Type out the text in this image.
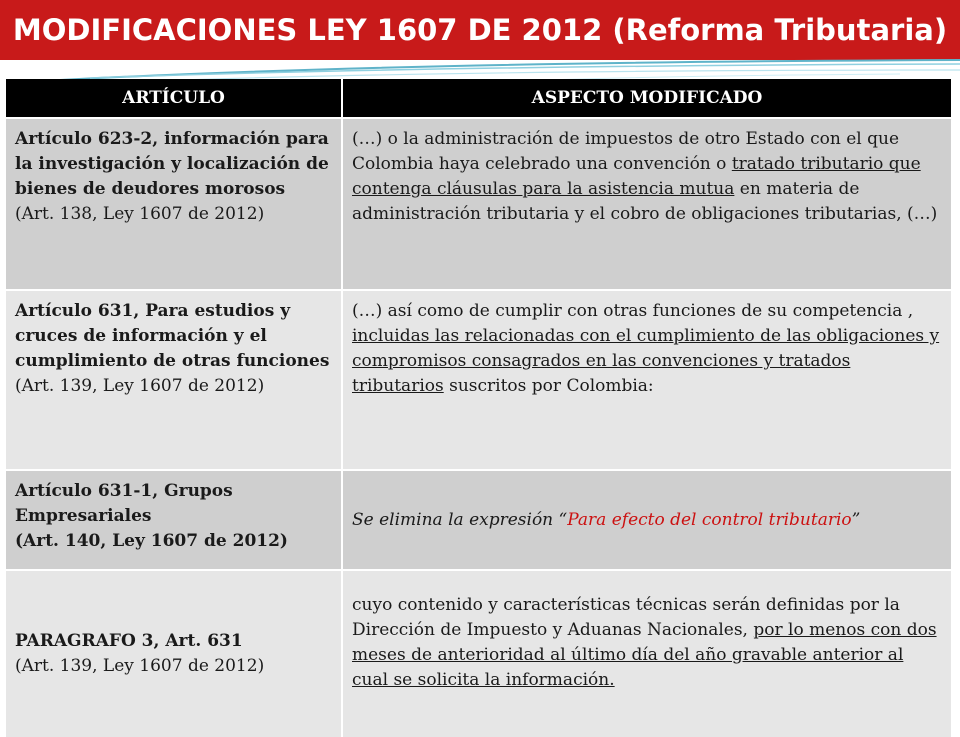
MODIFICACIONES LEY 1607 DE 2012 (Reforma Tributaria)
ARTÍCULO	ASPECTO MODIFICADO
Artículo 623-2, información para la investigación y localización de bienes de deudores morosos
(Art. 138, Ley 1607 de 2012)	(…) o la administración de impuestos de otro Estado con el que Colombia haya celebrado una convención o tratado tributario que contenga cláusulas para la asistencia mutua en materia de administración tributaria y el cobro de obligaciones tributarias, (…)
Artículo 631, Para estudios y cruces de información y el cumplimiento de otras funciones
(Art. 139, Ley 1607 de 2012)	(…) así como de cumplir con otras funciones de su competencia , incluidas las relacionadas con el cumplimiento de las obligaciones y compromisos consagrados en las convenciones y tratados tributarios suscritos por Colombia:
Artículo 631-1, Grupos Empresariales
(Art. 140, Ley 1607 de 2012)	Se elimina la expresión “Para efecto del control tributario”
PARAGRAFO 3, Art. 631
(Art. 139, Ley 1607 de 2012)	cuyo contenido y características técnicas serán definidas por la Dirección de Impuesto y Aduanas Nacionales, por lo menos con dos meses de anterioridad al último día del año gravable anterior al cual se solicita la información.
